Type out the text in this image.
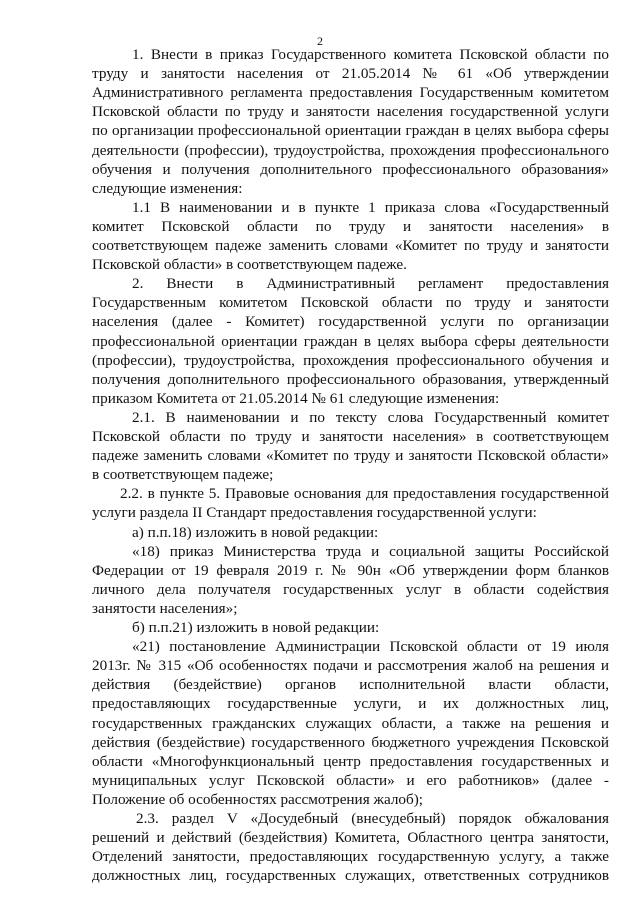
2
1. Внести в приказ Государственного комитета Псковской области по
труду и занятости населения от 21.05.2014 № 61 «Об утверждении
Административного регламента предоставления Государственным комитетом
Псковской области по труду и занятости населения государственной услуги
по организации профессиональной ориентации граждан в целях выбора сферы
деятельности (профессии), трудоустройства, прохождения профессионального
обучения и получения дополнительного профессионального образования»
следующие изменения:
1.1 В наименовании и в пункте 1 приказа слова «Государственный
комитет Псковской области по труду и занятости населения» в
соответствующем падеже заменить словами «Комитет по труду и занятости
Псковской области» в соответствующем падеже.
2. Внести в Административный регламент предоставления
Государственным комитетом Псковской области по труду и занятости
населения (далее - Комитет) государственной услуги по организации
профессиональной ориентации граждан в целях выбора сферы деятельности
(профессии), трудоустройства, прохождения профессионального обучения и
получения дополнительного профессионального образования, утвержденный
приказом Комитета от 21.05.2014 № 61 следующие изменения:
2.1. В наименовании и по тексту слова Государственный комитет
Псковской области по труду и занятости населения» в соответствующем
падеже заменить словами «Комитет по труду и занятости Псковской области»
в соответствующем падеже;
2.2. в пункте 5. Правовые основания для предоставления государственной
услуги раздела II Стандарт предоставления государственной услуги:
а) п.п.18) изложить в новой редакции:
«18) приказ Министерства труда и социальной защиты Российской
Федерации от 19 февраля 2019 г. № 90н «Об утверждении форм бланков
личного дела получателя государственных услуг в области содействия
занятости населения»;
б) п.п.21) изложить в новой редакции:
«21) постановление Администрации Псковской области от 19 июля
2013г. № 315 «Об особенностях подачи и рассмотрения жалоб на решения и
действия (бездействие) органов исполнительной власти области,
предоставляющих государственные услуги, и их должностных лиц,
государственных гражданских служащих области, а также на решения и
действия (бездействие) государственного бюджетного учреждения Псковской
области «Многофункциональный центр предоставления государственных и
муниципальных услуг Псковской области» и его работников» (далее -
Положение об особенностях рассмотрения жалоб);
2.3. раздел V «Досудебный (внесудебный) порядок обжалования
решений и действий (бездействия) Комитета, Областного центра занятости,
Отделений занятости, предоставляющих государственную услугу, а также
должностных лиц, государственных служащих, ответственных сотрудников
